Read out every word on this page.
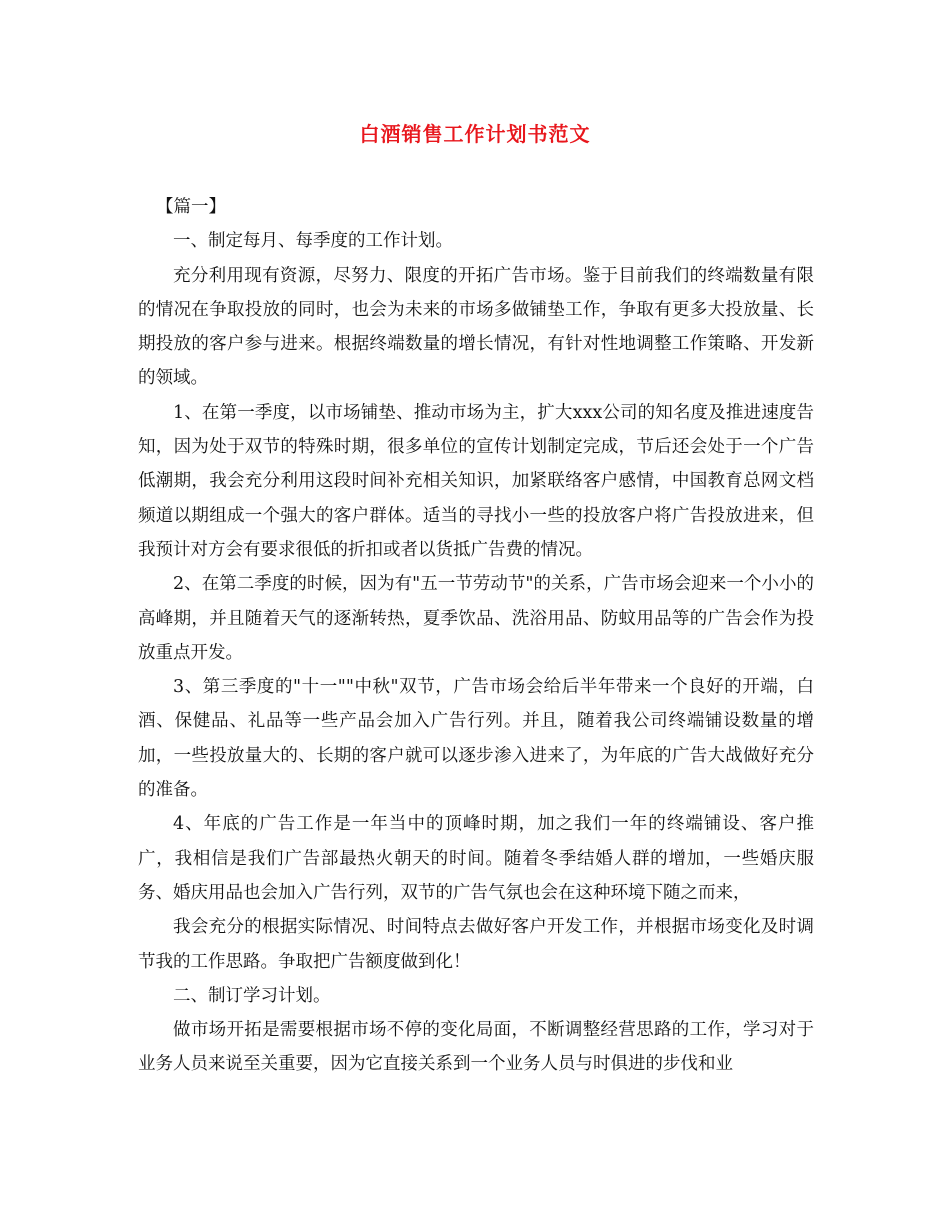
白酒销售工作计划书范文

【篇一】

一、制定每月、每季度的工作计划。

充分利用现有资源，尽努力、限度的开拓广告市场。鉴于目前我们的终端数量有限的情况在争取投放的同时，也会为未来的市场多做铺垫工作，争取有更多大投放量、长期投放的客户参与进来。根据终端数量的增长情况，有针对性地调整工作策略、开发新的领域。

1、在第一季度，以市场铺垫、推动市场为主，扩大xxx公司的知名度及推进速度告知，因为处于双节的特殊时期，很多单位的宣传计划制定完成，节后还会处于一个广告低潮期，我会充分利用这段时间补充相关知识，加紧联络客户感情，中国教育总网文档频道以期组成一个强大的客户群体。适当的寻找小一些的投放客户将广告投放进来，但我预计对方会有要求很低的折扣或者以货抵广告费的情况。

2、在第二季度的时候，因为有"五一节劳动节"的关系，广告市场会迎来一个小小的高峰期，并且随着天气的逐渐转热，夏季饮品、洗浴用品、防蚊用品等的广告会作为投放重点开发。

3、第三季度的"十一""中秋"双节，广告市场会给后半年带来一个良好的开端，白酒、保健品、礼品等一些产品会加入广告行列。并且，随着我公司终端铺设数量的增加，一些投放量大的、长期的客户就可以逐步渗入进来了，为年底的广告大战做好充分的准备。

4、年底的广告工作是一年当中的顶峰时期，加之我们一年的终端铺设、客户推广，我相信是我们广告部最热火朝天的时间。随着冬季结婚人群的增加，一些婚庆服务、婚庆用品也会加入广告行列，双节的广告气氛也会在这种环境下随之而来，

我会充分的根据实际情况、时间特点去做好客户开发工作，并根据市场变化及时调节我的工作思路。争取把广告额度做到化！

二、制订学习计划。

做市场开拓是需要根据市场不停的变化局面，不断调整经营思路的工作，学习对于业务人员来说至关重要，因为它直接关系到一个业务人员与时俱进的步伐和业
